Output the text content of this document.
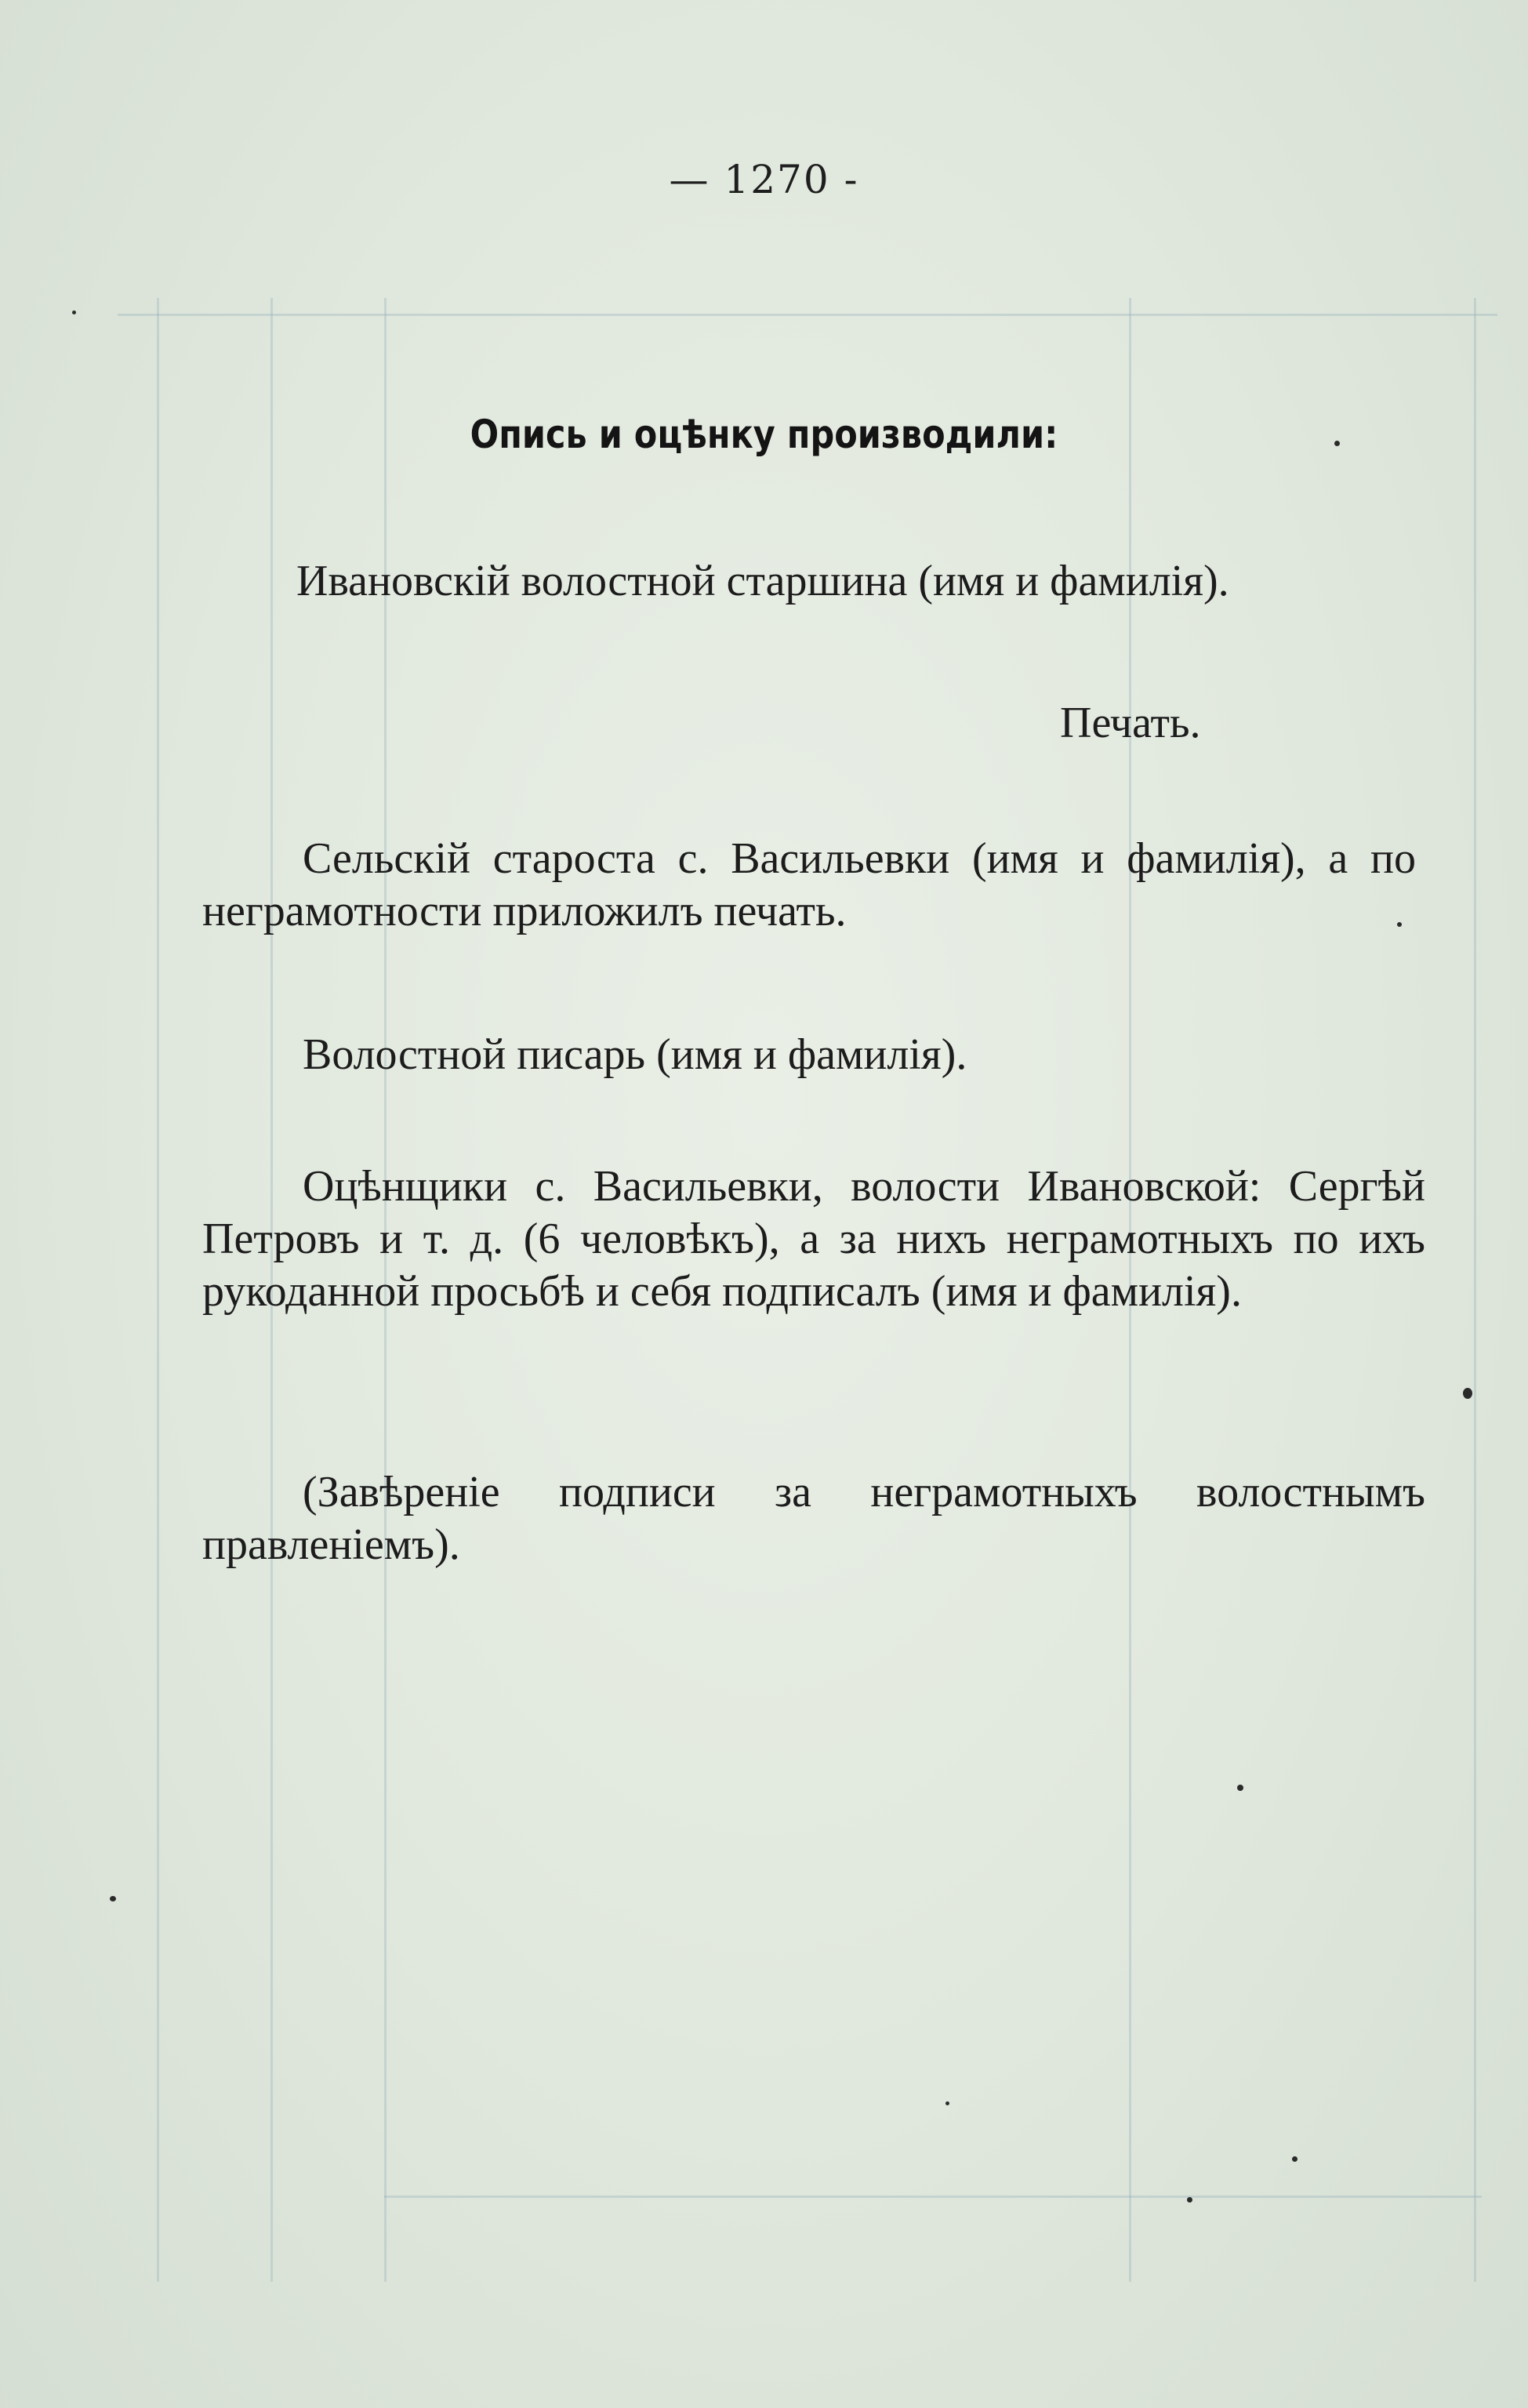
— 1270 -
Опись и оцѣнку производили:
Ивановскій волостной старшина (имя и фамилія).
Печать.
Сельскій староста с. Васильевки (имя и фамилія), а по неграмотности приложилъ печать.
Волостной писарь (имя и фамилія).
Оцѣнщики с. Васильевки, волости Ивановской: Сергѣй Петровъ и т. д. (6 человѣкъ), а за нихъ неграмотныхъ по ихъ рукоданной просьбѣ и себя подписалъ (имя и фамилія).
(Завѣреніе подписи за неграмотныхъ волостнымъ правленіемъ).
